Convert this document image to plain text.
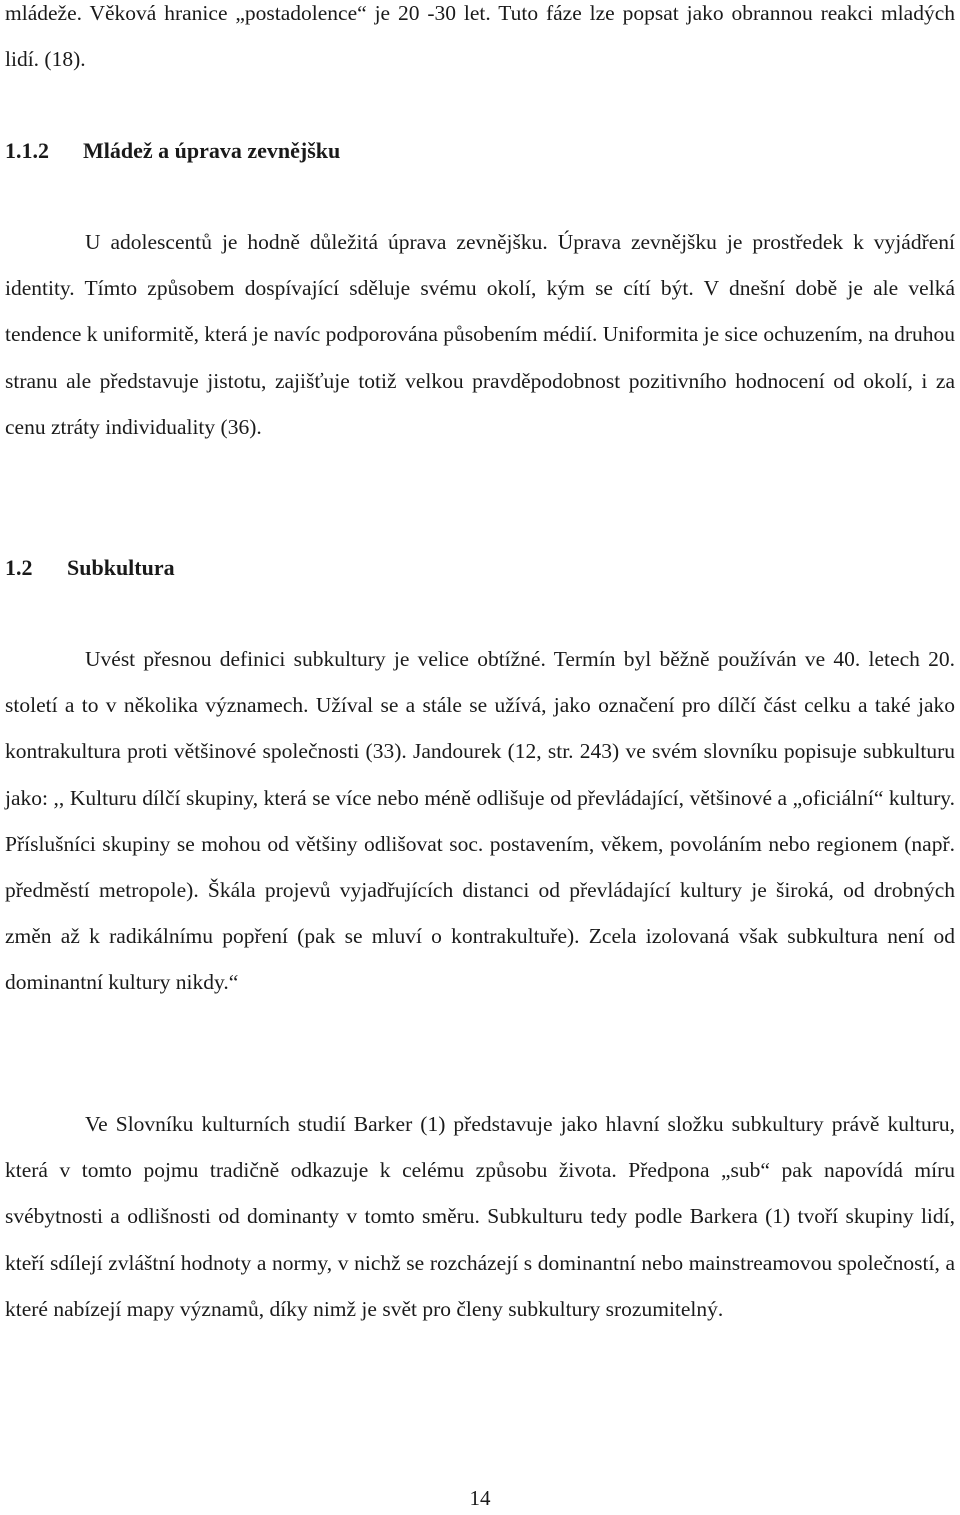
mládeže. Věková hranice „postadolence“ je 20 -30 let. Tuto fáze lze popsat jako obrannou reakci mladých lidí. (18).

1.1.2 Mládež a úprava zevnějšku

U adolescentů je hodně důležitá úprava zevnějšku. Úprava zevnějšku je prostředek k vyjádření identity. Tímto způsobem dospívající sděluje svému okolí, kým se cítí být. V dnešní době je ale velká tendence k uniformitě, která je navíc podporována působením médií. Uniformita je sice ochuzením, na druhou stranu ale představuje jistotu, zajišťuje totiž velkou pravděpodobnost pozitivního hodnocení od okolí, i za cenu ztráty individuality (36).

1.2 Subkultura

Uvést přesnou definici subkultury je velice obtížné. Termín byl běžně používán ve 40. letech 20. století a to v několika významech. Užíval se a stále se užívá, jako označení pro dílčí část celku a také jako kontrakultura proti většinové společnosti (33). Jandourek (12, str. 243) ve svém slovníku popisuje subkulturu jako: ,, Kulturu dílčí skupiny, která se více nebo méně odlišuje od převládající, většinové a „oficiální“ kultury. Příslušníci skupiny se mohou od většiny odlišovat soc. postavením, věkem, povoláním nebo regionem (např. předměstí metropole). Škála projevů vyjadřujících distanci od převládající kultury je široká, od drobných změn až k radikálnímu popření (pak se mluví o kontrakultuře). Zcela izolovaná však subkultura není od dominantní kultury nikdy.“

Ve Slovníku kulturních studií Barker (1) představuje jako hlavní složku subkultury právě kulturu, která v tomto pojmu tradičně odkazuje k celému způsobu života. Předpona „sub“ pak napovídá míru svébytnosti a odlišnosti od dominanty v tomto směru. Subkulturu tedy podle Barkera (1) tvoří skupiny lidí, kteří sdílejí zvláštní hodnoty a normy, v nichž se rozcházejí s dominantní nebo mainstreamovou společností, a které nabízejí mapy významů, díky nimž je svět pro členy subkultury srozumitelný.

14
